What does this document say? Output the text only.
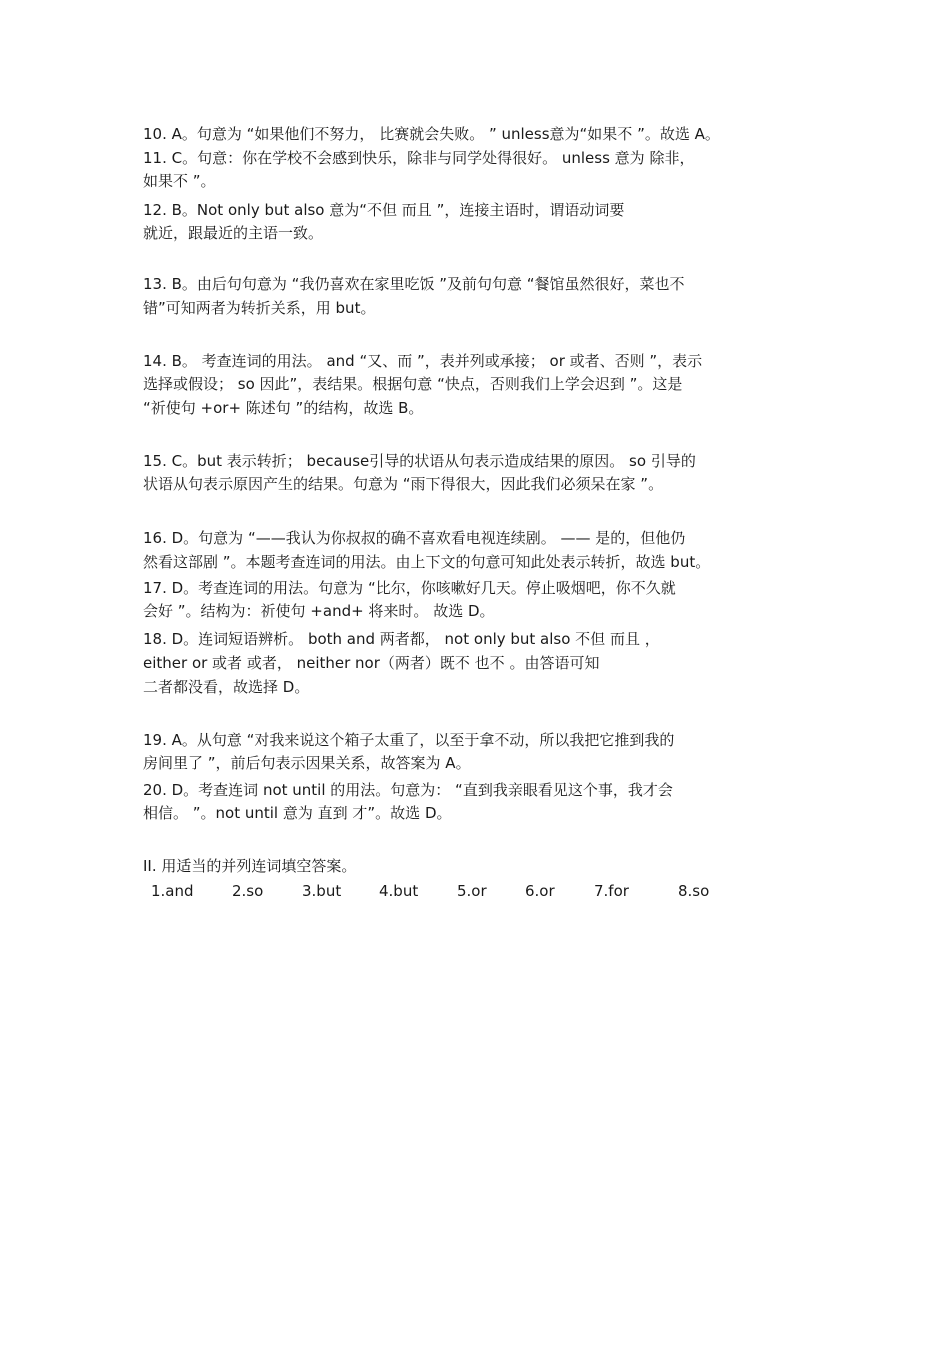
10. A。句意为 “如果他们不努力， 比赛就会失败。 ” unless意为“如果不 ”。故选 A。
11. C。句意：你在学校不会感到快乐，除非与同学处得很好。 unless 意为 除非，
如果不 ”。
12. B。Not only but also 意为“不但 而且 ”，连接主语时，谓语动词要
就近，跟最近的主语一致。
13. B。由后句句意为 “我仍喜欢在家里吃饭 ”及前句句意 “餐馆虽然很好，菜也不
错”可知两者为转折关系，用 but。
14. B。 考查连词的用法。 and “又、而 ”，表并列或承接； or 或者、否则 ”，表示
选择或假设； so 因此”，表结果。根据句意 “快点，否则我们上学会迟到 ”。这是
“祈使句 +or+ 陈述句 ”的结构，故选 B。
15. C。but 表示转折； because引导的状语从句表示造成结果的原因。 so 引导的
状语从句表示原因产生的结果。句意为 “雨下得很大，因此我们必须呆在家 ”。
16. D。句意为 “——我认为你叔叔的确不喜欢看电视连续剧。 —— 是的，但他仍
然看这部剧 ”。本题考查连词的用法。由上下文的句意可知此处表示转折，故选 but。
17. D。考查连词的用法。句意为 “比尔，你咳嗽好几天。停止吸烟吧，你不久就
会好 ”。结构为：祈使句 +and+ 将来时。 故选 D。
18. D。连词短语辨析。 both and 两者都， not only but also 不但 而且 ，
either or 或者 或者， neither nor（两者）既不 也不 。由答语可知
二者都没看，故选择 D。
19. A。从句意 “对我来说这个箱子太重了，以至于拿不动，所以我把它推到我的
房间里了 ”，前后句表示因果关系，故答案为 A。
20. D。考查连词 not until 的用法。句意为： “直到我亲眼看见这个事，我才会
相信。 ”。not until 意为 直到 才”。故选 D。
II. 用适当的并列连词填空答案。
1.and	2.so	3.but	4.but	5.or	6.or	7.for	8.so
